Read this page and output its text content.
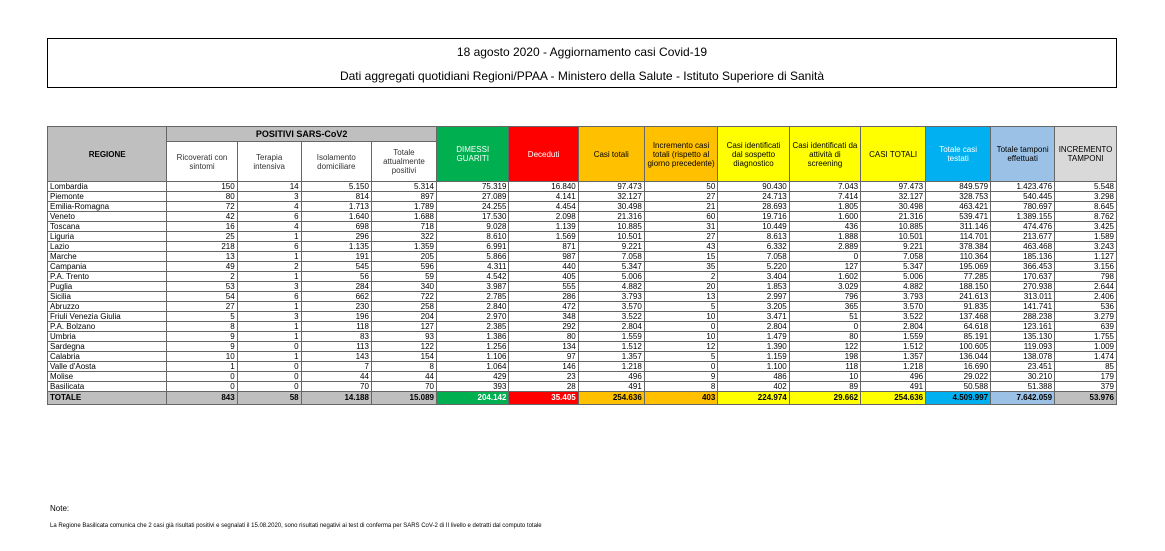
18 agosto 2020 - Aggiornamento casi Covid-19
Dati aggregati quotidiani Regioni/PPAA - Ministero della Salute - Istituto Superiore di Sanità
REGIONE	POSITIVI SARS-CoV2				DIMESSI GUARITI	Deceduti	Casi totali	Incremento casi totali (rispetto al giorno precedente)	Casi identificati dal sospetto diagnostico	Casi identificati da attività di screening	CASI TOTALI	Totale casi testati	Totale tamponi effettuati	INCREMENTO TAMPONI
	Ricoverati con sintomi	Terapia intensiva	Isolamento domiciliare	Totale attualmente positivi										
Lombardia	150	14	5.150	5.314	75.319	16.840	97.473	50	90.430	7.043	97.473	849.579	1.423.476	5.548
Piemonte	80	3	814	897	27.089	4.141	32.127	27	24.713	7.414	32.127	328.753	540.445	3.298
Emilia-Romagna	72	4	1.713	1.789	24.255	4.454	30.498	21	28.693	1.805	30.498	463.421	780.697	8.645
Veneto	42	6	1.640	1.688	17.530	2.098	21.316	60	19.716	1.600	21.316	539.471	1.389.155	8.762
Toscana	16	4	698	718	9.028	1.139	10.885	31	10.449	436	10.885	311.146	474.476	3.425
Liguria	25	1	296	322	8.610	1.569	10.501	27	8.613	1.888	10.501	114.701	213.677	1.589
Lazio	218	6	1.135	1.359	6.991	871	9.221	43	6.332	2.889	9.221	378.384	463.468	3.243
Marche	13	1	191	205	5.866	987	7.058	15	7.058	0	7.058	110.364	185.136	1.127
Campania	49	2	545	596	4.311	440	5.347	35	5.220	127	5.347	195.069	366.453	3.156
P.A. Trento	2	1	56	59	4.542	405	5.006	2	3.404	1.602	5.006	77.285	170.637	798
Puglia	53	3	284	340	3.987	555	4.882	20	1.853	3.029	4.882	188.150	270.938	2.644
Sicilia	54	6	662	722	2.785	286	3.793	13	2.997	796	3.793	241.613	313.011	2.406
Abruzzo	27	1	230	258	2.840	472	3.570	5	3.205	365	3.570	91.835	141.741	536
Friuli Venezia Giulia	5	3	196	204	2.970	348	3.522	10	3.471	51	3.522	137.468	288.238	3.279
P.A. Bolzano	8	1	118	127	2.385	292	2.804	0	2.804	0	2.804	64.618	123.161	639
Umbria	9	1	83	93	1.386	80	1.559	10	1.479	80	1.559	85.191	135.130	1.755
Sardegna	9	0	113	122	1.256	134	1.512	12	1.390	122	1.512	100.605	119.093	1.009
Calabria	10	1	143	154	1.106	97	1.357	5	1.159	198	1.357	136.044	138.078	1.474
Valle d'Aosta	1	0	7	8	1.064	146	1.218	0	1.100	118	1.218	16.690	23.451	85
Molise	0	0	44	44	429	23	496	9	486	10	496	29.022	30.210	179
Basilicata	0	0	70	70	393	28	491	8	402	89	491	50.588	51.388	379
TOTALE	843	58	14.188	15.089	204.142	35.405	254.636	403	224.974	29.662	254.636	4.509.997	7.642.059	53.976
Note:
La Regione Basilicata comunica che 2 casi già risultati positivi e segnalati il 15.08.2020, sono risultati negativi ai test di conferma per SARS CoV-2 di II livello e detratti dal computo totale
